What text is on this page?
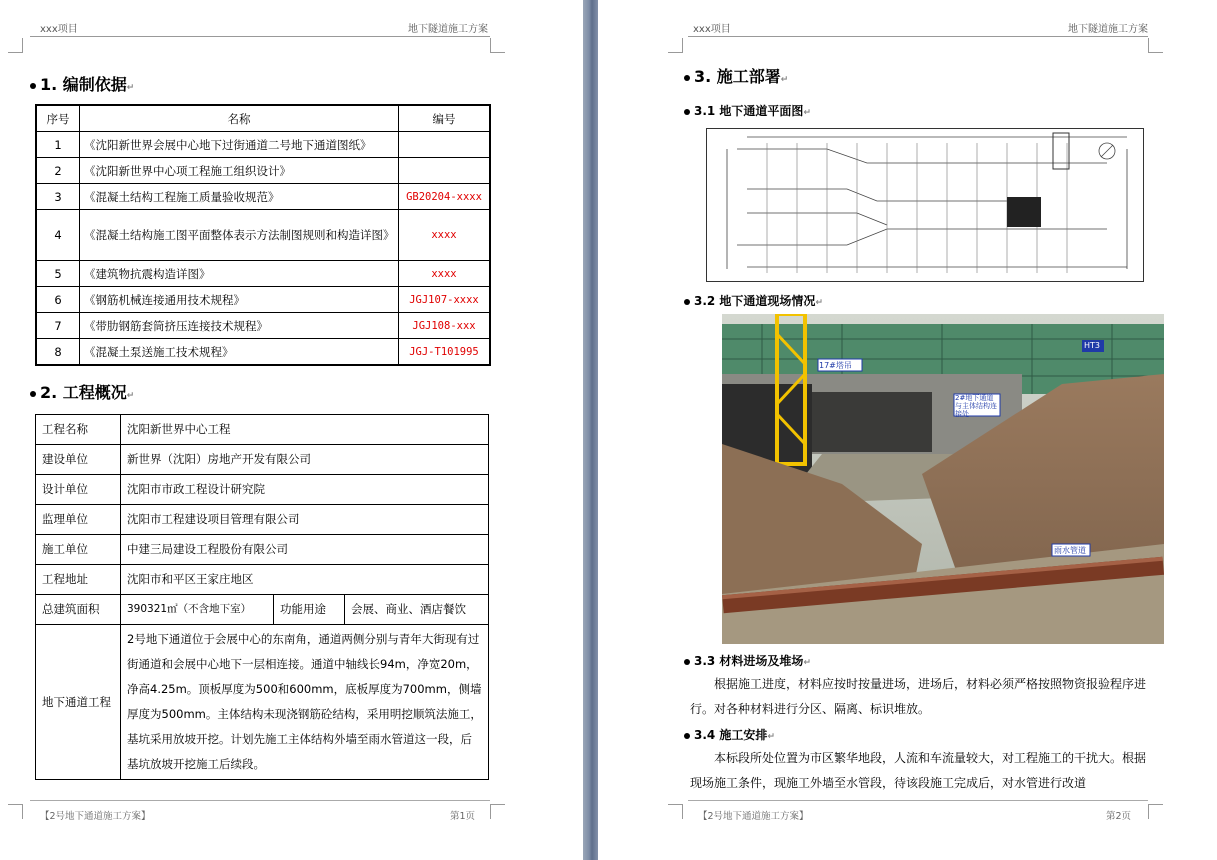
xxx项目	地下隧道施工方案
1. 编制依据↵
序号	名称	编号
1	《沈阳新世界会展中心地下过街通道二号地下通道图纸》	
2	《沈阳新世界中心项工程施工组织设计》	
3	《混凝土结构工程施工质量验收规范》	GB20204-xxxx
4	《混凝土结构施工图平面整体表示方法制图规则和构造详图》	xxxx
5	《建筑物抗震构造详图》	xxxx
6	《钢筋机械连接通用技术规程》	JGJ107-xxxx
7	《带肋钢筋套筒挤压连接技术规程》	JGJ108-xxx
8	《混凝土泵送施工技术规程》	JGJ-T101995
2. 工程概况↵
工程名称	沈阳新世界中心工程		
建设单位	新世界（沈阳）房地产开发有限公司		
设计单位	沈阳市市政工程设计研究院		
监理单位	沈阳市工程建设项目管理有限公司		
施工单位	中建三局建设工程股份有限公司		
工程地址	沈阳市和平区王家庄地区		
总建筑面积	390321㎡（不含地下室）	功能用途	会展、商业、酒店餐饮
地下通道工程	2号地下通道位于会展中心的东南角，通道两侧分别与青年大街现有过街通道和会展中心地下一层相连接。通道中轴线长94m，净宽20m，净高4.25m。顶板厚度为500和600mm，底板厚度为700mm，侧墙厚度为500mm。主体结构未现浇钢筋砼结构，采用明挖顺筑法施工，基坑采用放坡开挖。计划先施工主体结构外墙至雨水管道这一段，后基坑放坡开挖施工后续段。		
【2号地下通道施工方案】	第1页
xxx项目	地下隧道施工方案
3. 施工部署↵
3.1 地下通道平面图↵
3.2 地下通道现场情况↵
17#塔吊
2#地下通道与主体结构连接处
HT3
雨水管道
3.3 材料进场及堆场↵
根据施工进度，材料应按时按量进场，进场后，材料必须严格按照物资报验程序进行。对各种材料进行分区、隔离、标识堆放。
3.4 施工安排↵
本标段所处位置为市区繁华地段，人流和车流量较大，对工程施工的干扰大。根据现场施工条件，现施工外墙至水管段，待该段施工完成后，对水管进行改道
【2号地下通道施工方案】	第2页
